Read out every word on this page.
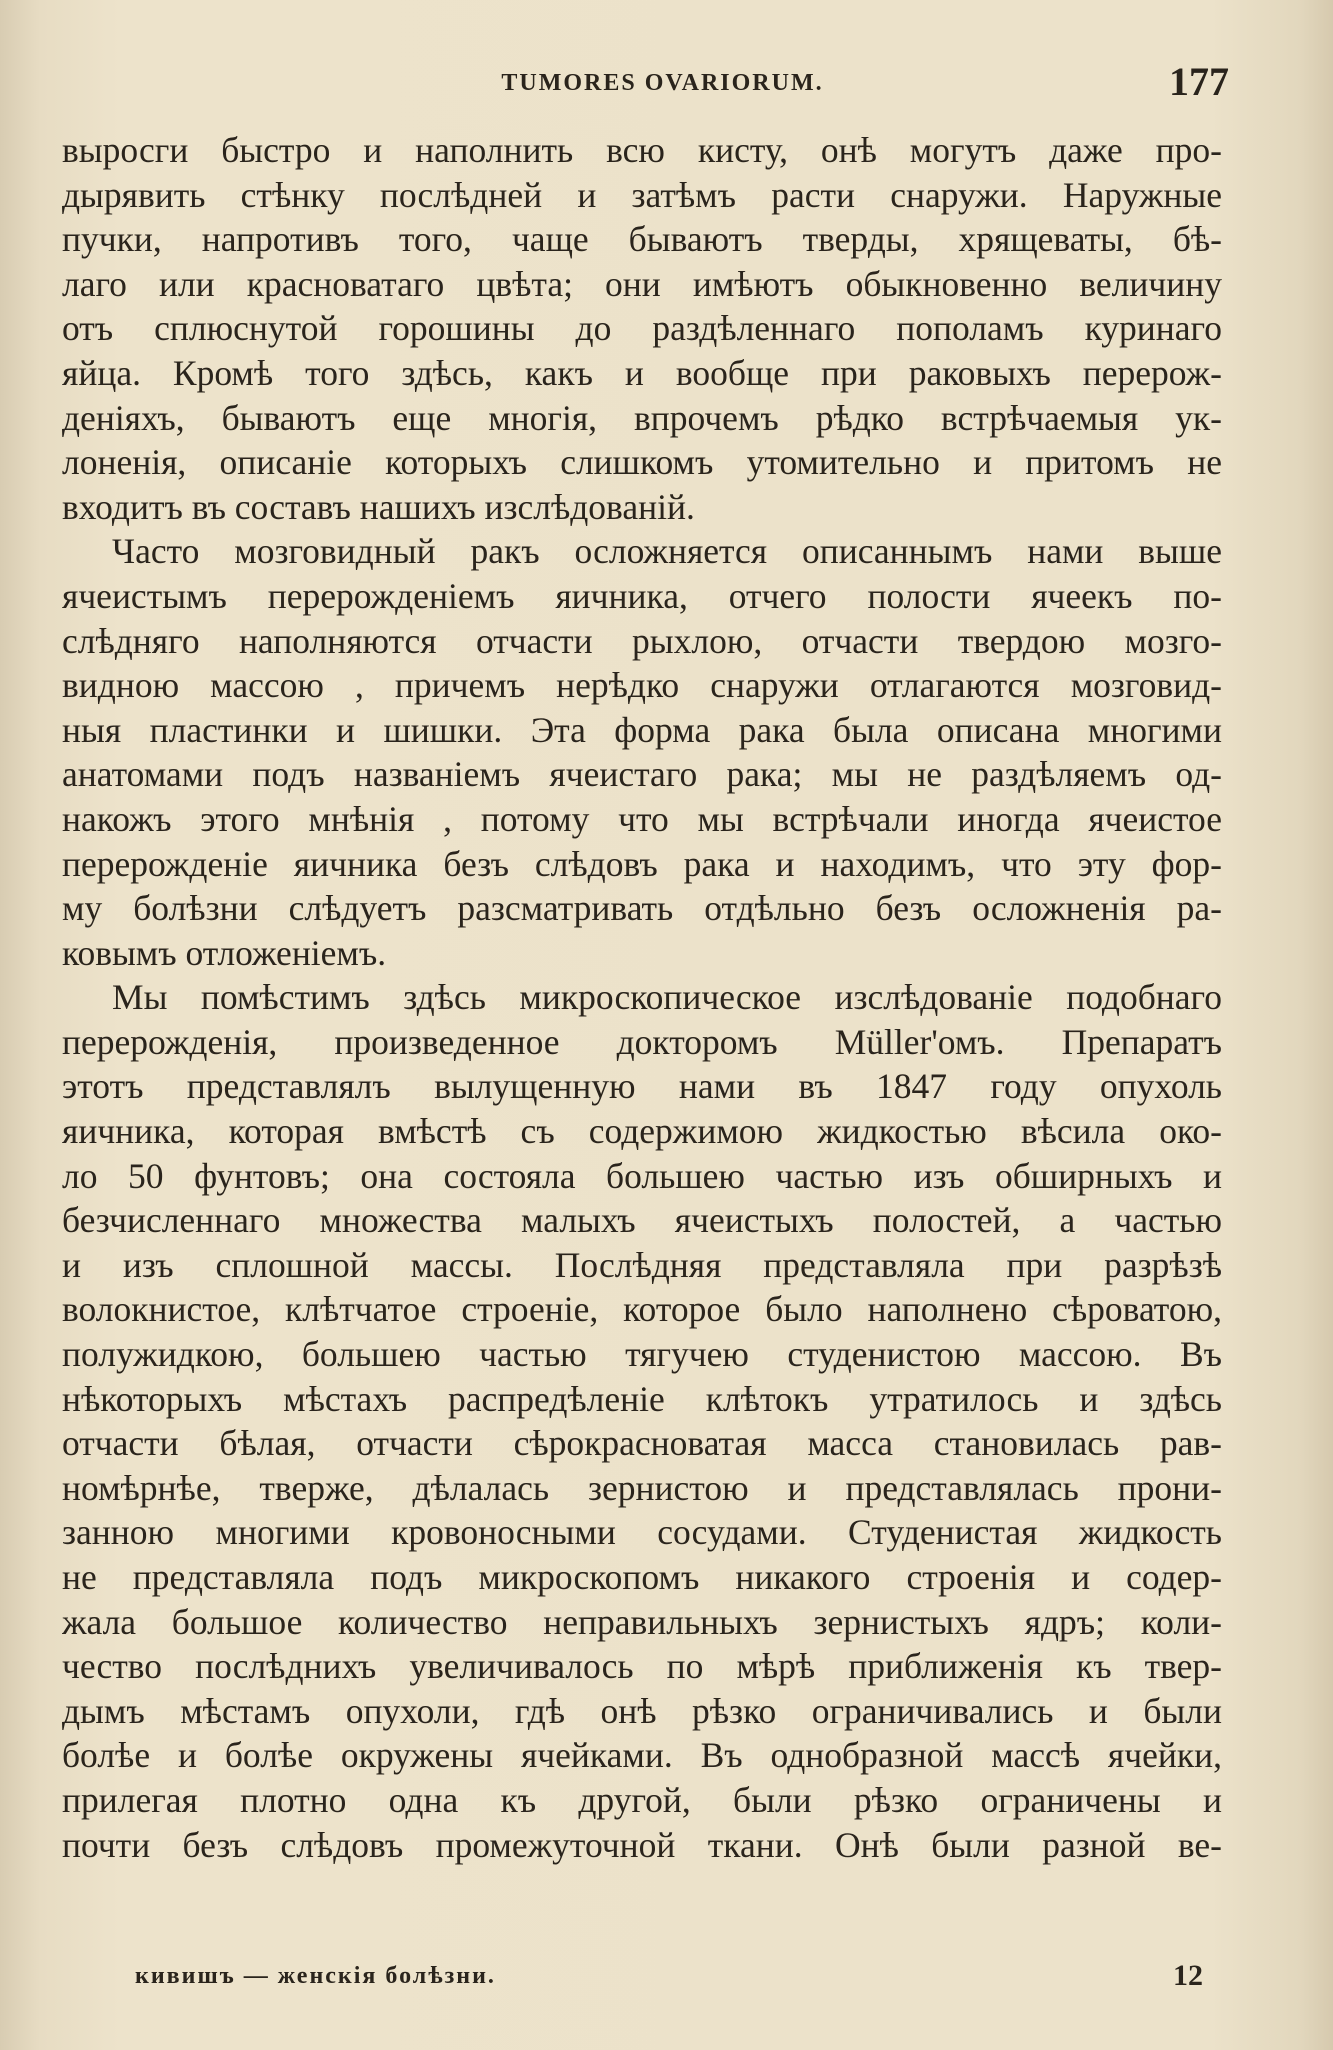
TUMORES OVARIORUM.	177
выросги быстро и наполнить всю кисту, онѣ могутъ даже про-
дырявить стѣнку послѣдней и затѣмъ расти снаружи. Наружные
пучки, напротивъ того, чаще бываютъ тверды, хрящеваты, бѣ-
лаго или красноватаго цвѣта; они имѣютъ обыкновенно величину
отъ сплюснутой горошины до раздѣленнаго пополамъ куринаго
яйца. Кромѣ того здѣсь, какъ и вообще при раковыхъ перерож-
деніяхъ, бываютъ еще многія, впрочемъ рѣдко встрѣчаемыя ук-
лоненія, описаніе которыхъ слишкомъ утомительно и притомъ не
входитъ въ составъ нашихъ изслѣдованій.
Часто мозговидный ракъ осложняется описаннымъ нами выше
ячеистымъ перерожденіемъ яичника, отчего полости ячеекъ по-
слѣдняго наполняются отчасти рыхлою, отчасти твердою мозго-
видною массою , причемъ нерѣдко снаружи отлагаются мозговид-
ныя пластинки и шишки. Эта форма рака была описана многими
анатомами подъ названіемъ ячеистаго рака; мы не раздѣляемъ од-
накожъ этого мнѣнія , потому что мы встрѣчали иногда ячеистое
перерожденіе яичника безъ слѣдовъ рака и находимъ, что эту фор-
му болѣзни слѣдуетъ разсматривать отдѣльно безъ осложненія ра-
ковымъ отложеніемъ.
Мы помѣстимъ здѣсь микроскопическое изслѣдованіе подобнаго
перерожденія, произведенное докторомъ Müller'омъ. Препаратъ
этотъ представлялъ вылущенную нами въ 1847 году опухоль
яичника, которая вмѣстѣ съ содержимою жидкостью вѣсила око-
ло 50 фунтовъ; она состояла большею частью изъ обширныхъ и
безчисленнаго множества малыхъ ячеистыхъ полостей, а частью
и изъ сплошной массы. Послѣдняя представляла при разрѣзѣ
волокнистое, клѣтчатое строеніе, которое было наполнено сѣроватою,
полужидкою, большею частью тягучею студенистою массою. Въ
нѣкоторыхъ мѣстахъ распредѣленіе клѣтокъ утратилось и здѣсь
отчасти бѣлая, отчасти сѣрокрасноватая масса становилась рав-
номѣрнѣе, тверже, дѣлалась зернистою и представлялась прони-
занною многими кровоносными сосудами. Студенистая жидкость
не представляла подъ микроскопомъ никакого строенія и содер-
жала большое количество неправильныхъ зернистыхъ ядръ; коли-
чество послѣднихъ увеличивалось по мѣрѣ приближенія къ твер-
дымъ мѣстамъ опухоли, гдѣ онѣ рѣзко ограничивались и были
болѣе и болѣе окружены ячейками. Въ однобразной массѣ ячейки,
прилегая плотно одна къ другой, были рѣзко ограничены и
почти безъ слѣдовъ промежуточной ткани. Онѣ были разной ве-
кивишъ — женскія болѣзни.	12
